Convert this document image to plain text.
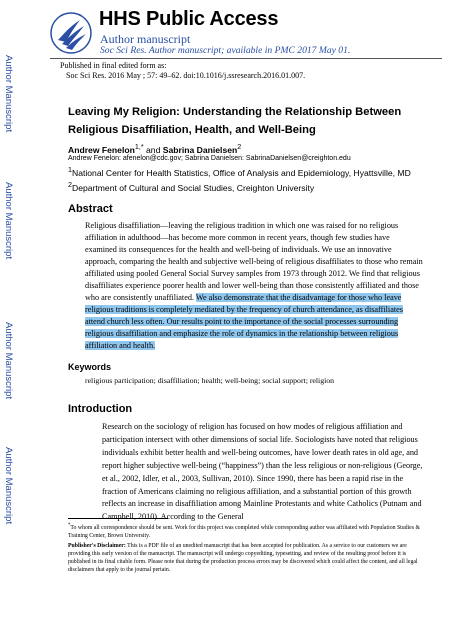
HHS Public Access
Author manuscript
Soc Sci Res. Author manuscript; available in PMC 2017 May 01.
Published in final edited form as:
Soc Sci Res. 2016 May ; 57: 49–62. doi:10.1016/j.ssresearch.2016.01.007.
Author Manuscript
Author Manuscript
Author Manuscript
Author Manuscript
Leaving My Religion: Understanding the Relationship Between Religious Disaffiliation, Health, and Well-Being
Andrew Fenelon$^{1,*}$ and Sabrina Danielsen$^2$
Andrew Fenelon: afenelon@cdc.gov; Sabrina Danielsen: SabrinaDanielsen@creighton.edu
$^1$National Center for Health Statistics, Office of Analysis and Epidemiology, Hyattsville, MD
$^2$Department of Cultural and Social Studies, Creighton University
Abstract
Religious disaffiliation—leaving the religious tradition in which one was raised for no religious affiliation in adulthood—has become more common in recent years, though few studies have examined its consequences for the health and well-being of individuals. We use an innovative approach, comparing the health and subjective well-being of religious disaffiliates to those who remain affiliated using pooled General Social Survey samples from 1973 through 2012. We find that religious disaffiliates experience poorer health and lower well-being than those consistently affiliated and those who are consistently unaffiliated. We also demonstrate that the disadvantage for those who leave religious traditions is completely mediated by the frequency of church attendance, as disaffiliates attend church less often. Our results point to the importance of the social processes surrounding religious disaffiliation and emphasize the role of dynamics in the relationship between religious affiliation and health.
Keywords
religious participation; disaffiliation; health; well-being; social support; religion
Introduction
Research on the sociology of religion has focused on how modes of religious affiliation and participation intersect with other dimensions of social life. Sociologists have noted that religious individuals exhibit better health and well-being outcomes, have lower death rates in old age, and report higher subjective well-being (“happiness”) than the less religious or non-religious (George, et al., 2002, Idler, et al., 2003, Sullivan, 2010). Since 1990, there has been a rapid rise in the fraction of Americans claiming no religious affiliation, and a substantial portion of this growth reflects an increase in disaffiliation among Mainline Protestants and white Catholics (Putnam and Campbell, 2010). According to the General
*To whom all correspondence should be sent. Work for this project was completed while corresponding author was affiliated with Population Studies & Training Center, Brown University.
Publisher's Disclaimer: This is a PDF file of an unedited manuscript that has been accepted for publication. As a service to our customers we are providing this early version of the manuscript. The manuscript will undergo copyediting, typesetting, and review of the resulting proof before it is published in its final citable form. Please note that during the production process errors may be discovered which could affect the content, and all legal disclaimers that apply to the journal pertain.
